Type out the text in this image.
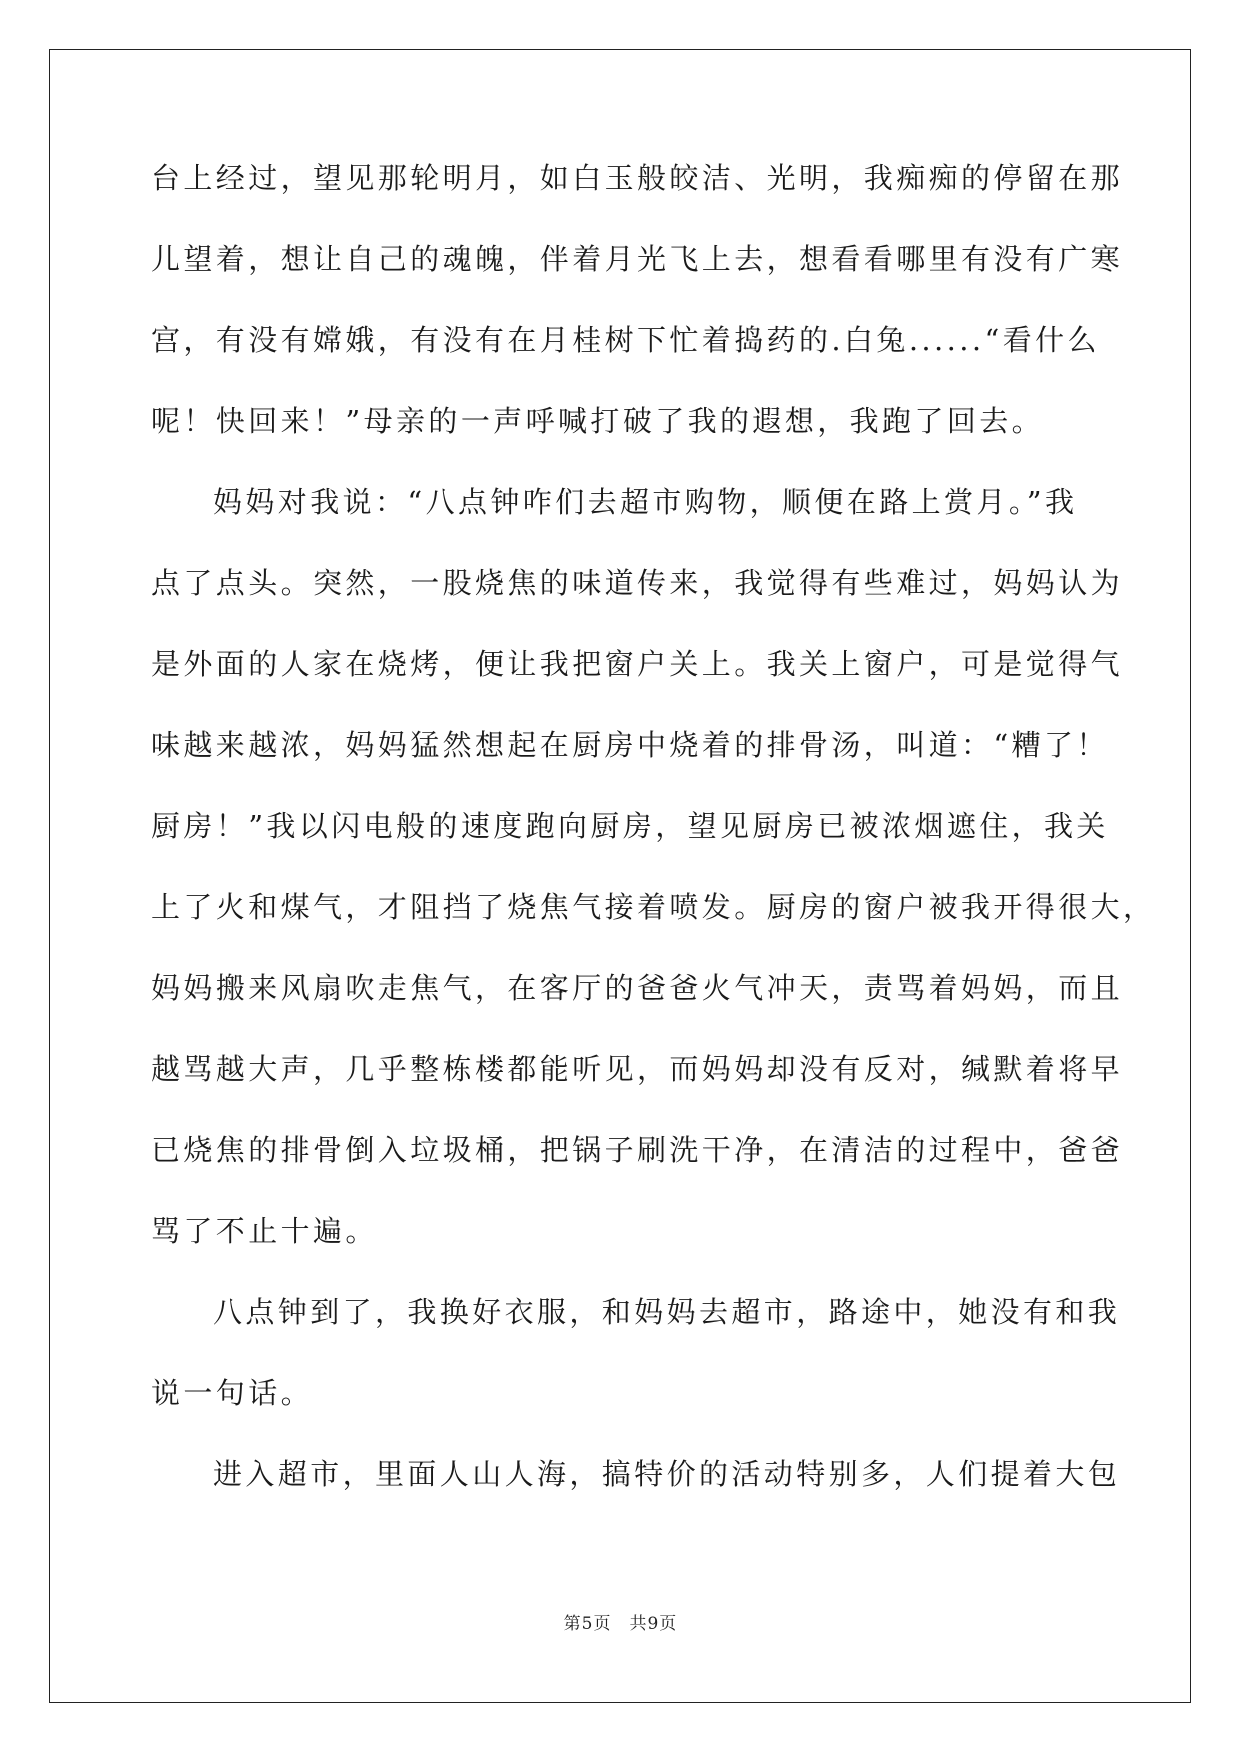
台上经过，望见那轮明月，如白玉般皎洁、光明，我痴痴的停留在那
儿望着，想让自己的魂魄，伴着月光飞上去，想看看哪里有没有广寒
宫，有没有嫦娥，有没有在月桂树下忙着捣药的.白兔......“看什么
呢！快回来！”母亲的一声呼喊打破了我的遐想，我跑了回去。
妈妈对我说：“八点钟咋们去超市购物，顺便在路上赏月。”我
点了点头。突然，一股烧焦的味道传来，我觉得有些难过，妈妈认为
是外面的人家在烧烤，便让我把窗户关上。我关上窗户，可是觉得气
味越来越浓，妈妈猛然想起在厨房中烧着的排骨汤，叫道：“糟了！
厨房！”我以闪电般的速度跑向厨房，望见厨房已被浓烟遮住，我关
上了火和煤气，才阻挡了烧焦气接着喷发。厨房的窗户被我开得很大，
妈妈搬来风扇吹走焦气，在客厅的爸爸火气冲天，责骂着妈妈，而且
越骂越大声，几乎整栋楼都能听见，而妈妈却没有反对，缄默着将早
已烧焦的排骨倒入垃圾桶，把锅子刷洗干净，在清洁的过程中，爸爸
骂了不止十遍。
八点钟到了，我换好衣服，和妈妈去超市，路途中，她没有和我
说一句话。
进入超市，里面人山人海，搞特价的活动特别多，人们提着大包
第5页　共9页
